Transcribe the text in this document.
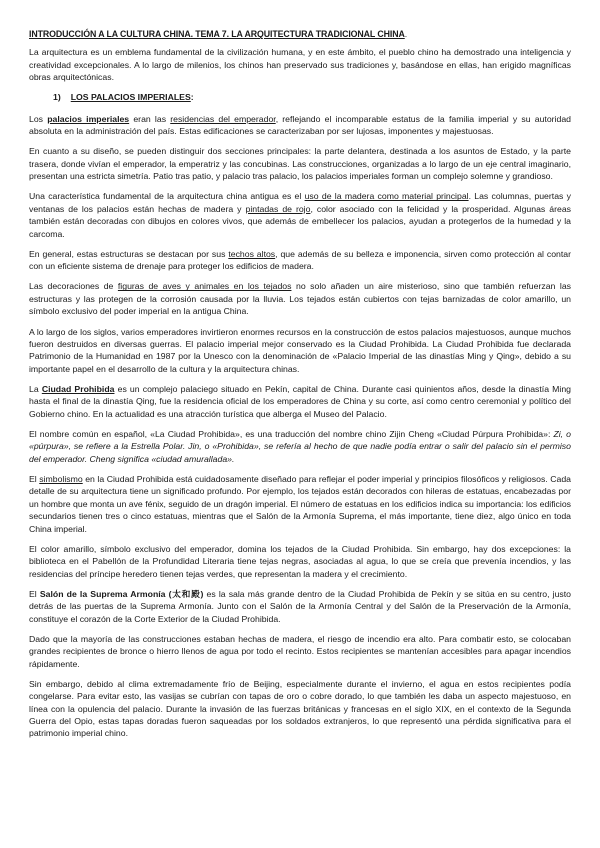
INTRODUCCIÓN A LA CULTURA CHINA. TEMA 7. LA ARQUITECTURA TRADICIONAL CHINA.

La arquitectura es un emblema fundamental de la civilización humana, y en este ámbito, el pueblo chino ha demostrado una inteligencia y creatividad excepcionales. A lo largo de milenios, los chinos han preservado sus tradiciones y, basándose en ellas, han erigido magníficas obras arquitectónicas.

1) LOS PALACIOS IMPERIALES:

Los palacios imperiales eran las residencias del emperador, reflejando el incomparable estatus de la familia imperial y su autoridad absoluta en la administración del país. Estas edificaciones se caracterizaban por ser lujosas, imponentes y majestuosas.

En cuanto a su diseño, se pueden distinguir dos secciones principales: la parte delantera, destinada a los asuntos de Estado, y la parte trasera, donde vivían el emperador, la emperatriz y las concubinas. Las construcciones, organizadas a lo largo de un eje central imaginario, presentan una estricta simetría. Patio tras patio, y palacio tras palacio, los palacios imperiales forman un complejo solemne y grandioso.

Una característica fundamental de la arquitectura china antigua es el uso de la madera como material principal. Las columnas, puertas y ventanas de los palacios están hechas de madera y pintadas de rojo, color asociado con la felicidad y la prosperidad. Algunas áreas también están decoradas con dibujos en colores vivos, que además de embellecer los palacios, ayudan a protegerlos de la humedad y la carcoma.

En general, estas estructuras se destacan por sus techos altos, que además de su belleza e imponencia, sirven como protección al contar con un eficiente sistema de drenaje para proteger los edificios de madera.

Las decoraciones de figuras de aves y animales en los tejados no solo añaden un aire misterioso, sino que también refuerzan las estructuras y las protegen de la corrosión causada por la lluvia. Los tejados están cubiertos con tejas barnizadas de color amarillo, un símbolo exclusivo del poder imperial en la antigua China.

A lo largo de los siglos, varios emperadores invirtieron enormes recursos en la construcción de estos palacios majestuosos, aunque muchos fueron destruidos en diversas guerras. El palacio imperial mejor conservado es la Ciudad Prohibida. La Ciudad Prohibida fue declarada Patrimonio de la Humanidad en 1987 por la Unesco con la denominación de «Palacio Imperial de las dinastías Ming y Qing», debido a su importante papel en el desarrollo de la cultura y la arquitectura chinas.

La Ciudad Prohibida es un complejo palaciego situado en Pekín, capital de China. Durante casi quinientos años, desde la dinastía Ming hasta el final de la dinastía Qing, fue la residencia oficial de los emperadores de China y su corte, así como centro ceremonial y político del Gobierno chino. En la actualidad es una atracción turística que alberga el Museo del Palacio.

El nombre común en español, «La Ciudad Prohibida», es una traducción del nombre chino Zijin Cheng «Ciudad Púrpura Prohibida»: Zi, o «púrpura», se refiere a la Estrella Polar. Jin, o «Prohibida», se refería al hecho de que nadie podía entrar o salir del palacio sin el permiso del emperador. Cheng significa «ciudad amurallada».

El simbolismo en la Ciudad Prohibida está cuidadosamente diseñado para reflejar el poder imperial y principios filosóficos y religiosos. Cada detalle de su arquitectura tiene un significado profundo. Por ejemplo, los tejados están decorados con hileras de estatuas, encabezadas por un hombre que monta un ave fénix, seguido de un dragón imperial. El número de estatuas en los edificios indica su importancia: los edificios secundarios tienen tres o cinco estatuas, mientras que el Salón de la Armonía Suprema, el más importante, tiene diez, algo único en toda China imperial.

El color amarillo, símbolo exclusivo del emperador, domina los tejados de la Ciudad Prohibida. Sin embargo, hay dos excepciones: la biblioteca en el Pabellón de la Profundidad Literaria tiene tejas negras, asociadas al agua, lo que se creía que prevenía incendios, y las residencias del príncipe heredero tienen tejas verdes, que representan la madera y el crecimiento.

El Salón de la Suprema Armonía (太和殿) es la sala más grande dentro de la Ciudad Prohibida de Pekín y se sitúa en su centro, justo detrás de las puertas de la Suprema Armonía. Junto con el Salón de la Armonía Central y del Salón de la Preservación de la Armonía, constituye el corazón de la Corte Exterior de la Ciudad Prohibida.

Dado que la mayoría de las construcciones estaban hechas de madera, el riesgo de incendio era alto. Para combatir esto, se colocaban grandes recipientes de bronce o hierro llenos de agua por todo el recinto. Estos recipientes se mantenían accesibles para apagar incendios rápidamente.

Sin embargo, debido al clima extremadamente frío de Beijing, especialmente durante el invierno, el agua en estos recipientes podía congelarse. Para evitar esto, las vasijas se cubrían con tapas de oro o cobre dorado, lo que también les daba un aspecto majestuoso, en línea con la opulencia del palacio. Durante la invasión de las fuerzas británicas y francesas en el siglo XIX, en el contexto de la Segunda Guerra del Opio, estas tapas doradas fueron saqueadas por los soldados extranjeros, lo que representó una pérdida significativa para el patrimonio imperial chino.
